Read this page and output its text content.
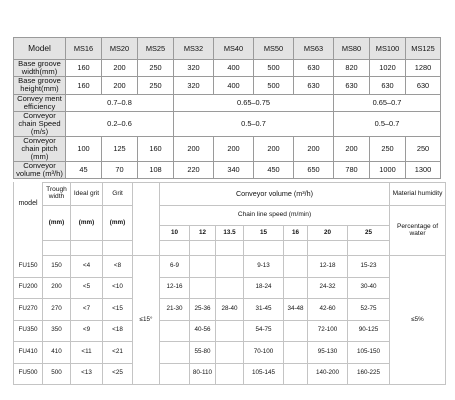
Model	MS16	MS20	MS25	MS32	MS40	MS50	MS63	MS80	MS100	MS125
Base groove width(mm)	160	200	250	320	400	500	630	820	1020	1280
Base groove height(mm)	160	200	250	320	400	500	630	630	630	630
Convey ment efficiency	0.7–0.8			0.65–0.75				0.65–0.7		
Conveyor chain Speed (m/s)	0.2–0.6			0.5–0.7				0.5–0.7		
Conveyor chain pitch (mm)	100	125	160	200	200	200	200	200	250	250
Conveyor volume (m³/h)	45	70	108	220	340	450	650	780	1000	1300
model	Trough width	Ideal grit	Grit		Conveyor volume (m³/h)							Material humidity
	(mm)	(mm)	(mm)		Chain line speed (m/min)							Percentage of water
					10	12	13.5	15	16	20	25	

FU150	150	<4	<8	≤15°	6-9			9-13		12-18	15-23	≤5%
FU200	200	<5	<10		12-16			18-24		24-32	30-40	
FU270	270	<7	<15		21-30	25-36	28-40	31-45	34-48	42-60	52-75	
FU350	350	<9	<18			40-56		54-75		72-100	90-125	
FU410	410	<11	<21			55-80		70-100		95-130	105-150	
FU500	500	<13	<25			80-110		105-145		140-200	160-225	
